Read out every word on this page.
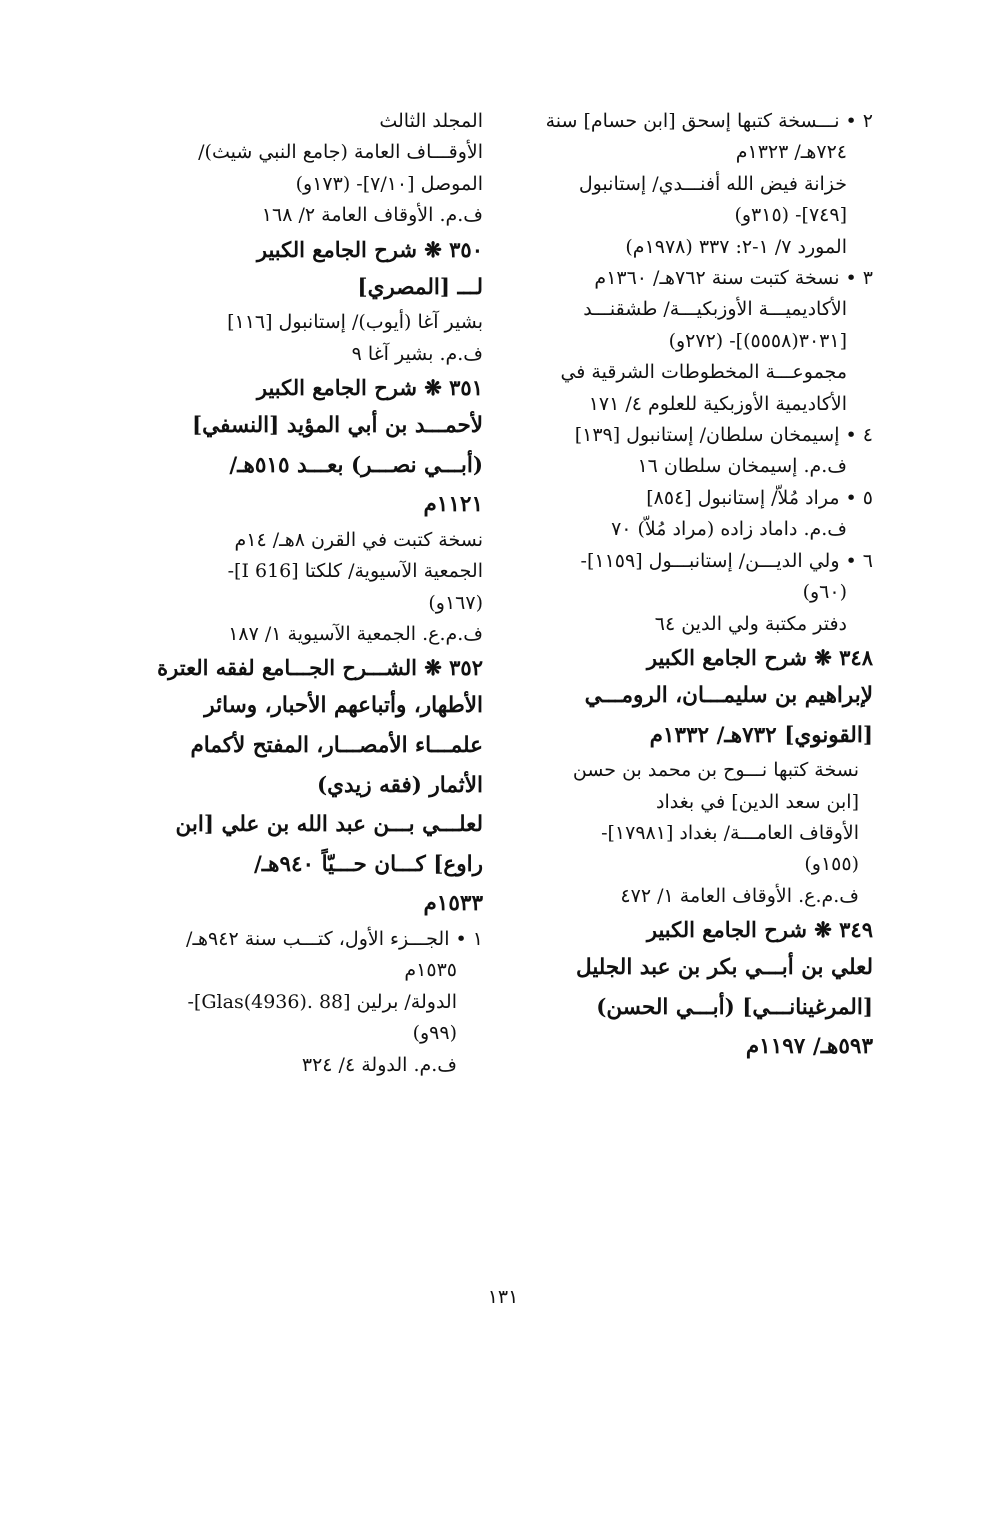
٢ • نـــسخة كتبها إسحق [ابن حسام] سنة
٧٢٤هـ/ ١٣٢٣م
خزانة فيض الله أفنـــدي/ إستانبول
[٧٤٩]- (٣١٥و)
المورد ٧/ ١-٢: ٣٣٧ (١٩٧٨م)
٣ • نسخة كتبت سنة ٧٦٢هـ/ ١٣٦٠م
الأكاديميـــة الأوزبكيـــة/ طشقنـــد
[٣٠٣١(٥٥٥٨)]- (٢٧٢و)
مجموعـــة المخطوطات الشرقية في
الأكاديمية الأوزبكية للعلوم ٤/ ١٧١
٤ • إسيمخان سلطان/ إستانبول [١٣٩]
ف.م. إسيمخان سلطان ١٦
٥ • مراد مُلاّ/ إستانبول [٨٥٤]
ف.م. داماد زاده (مراد مُلاّ) ٧٠
٦ • ولي الديـــن/ إستانبـــول [١١٥٩]-
(٦٠و)
دفتر مكتبة ولي الدين ٦٤
٣٤٨ ❋ شرح الجامع الكبير
لإبراهيم بن سليمـــان، الرومـــي
[القونوي] ٧٣٢هـ/ ١٣٣٢م
نسخة كتبها نـــوح بن محمد بن حسن
[ابن سعد الدين] في بغداد
الأوقاف العامـــة/ بغداد [١٧٩٨١]-
(١٥٥و)
ف.م.ع. الأوقاف العامة ١/ ٤٧٢
٣٤٩ ❋ شرح الجامع الكبير
لعلي بن أبـــي بكر بن عبد الجليل
[المرغينانـــي] (أبـــي الحسن)
٥٩٣هـ/ ١١٩٧م
المجلد الثالث
الأوقـــاف العامة (جامع النبي شيث)/
الموصل [٧/١٠]- (١٧٣و)
ف.م. الأوقاف العامة ٢/ ١٦٨
٣٥٠ ❋ شرح الجامع الكبير
لـــ [المصري]
بشير آغا (أيوب)/ إستانبول [١١٦]
ف.م. بشير آغا ٩
٣٥١ ❋ شرح الجامع الكبير
لأحمـــد بن أبي المؤيد [النسفي]
(أبـــي نصـــر) بعـــد ٥١٥هـ/
١١٢١م
نسخة كتبت في القرن ٨هـ/ ١٤م
الجمعية الآسيوية/ كلكتا [I 616]-
(١٦٧و)
ف.م.ع. الجمعية الآسيوية ١/ ١٨٧
٣٥٢ ❋ الشـــرح الجـــامع لفقه العترة
الأطهار، وأتباعهم الأحبار، وسائر
علمـــاء الأمصـــار، المفتح لأكمام
الأثمار (فقه زيدي)
لعلـــي بـــن عبد الله بن علي [ابن
راوع] كـــان حـــيّاً ٩٤٠هـ/
١٥٣٣م
١ • الجـــزء الأول، كتـــب سنة ٩٤٢هـ/
١٥٣٥م
الدولة/ برلين [88 .Glas(4936)]-
(٩٩و)
ف.م. الدولة ٤/ ٣٢٤
١٣١
